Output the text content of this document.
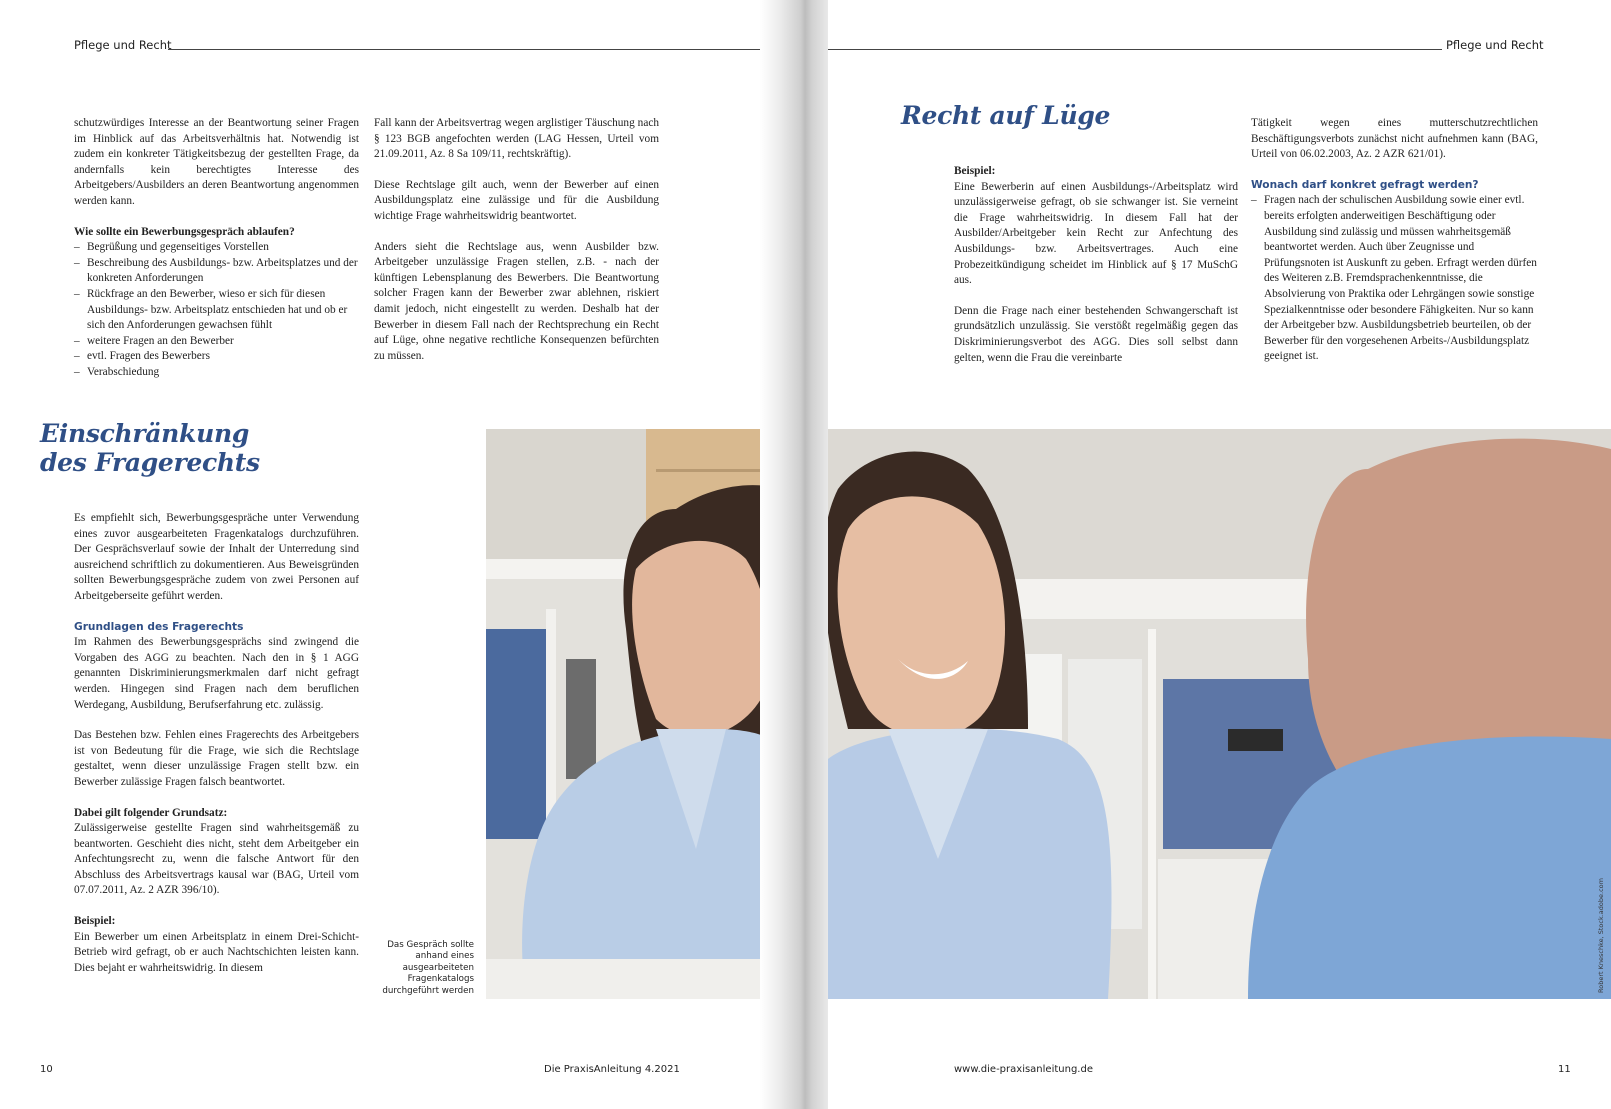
Pflege und Recht

schutzwürdiges Interesse an der Beantwortung seiner Fragen im Hinblick auf das Arbeitsverhältnis hat. Notwendig ist zudem ein konkreter Tätigkeitsbezug der gestellten Frage, da andernfalls kein berechtigtes Interesse des Arbeitgebers/Ausbilders an deren Beantwortung angenommen werden kann.

Wie sollte ein Bewerbungsgespräch ablaufen?
– Begrüßung und gegenseitiges Vorstellen
– Beschreibung des Ausbildungs- bzw. Arbeitsplatzes und der konkreten Anforderungen
– Rückfrage an den Bewerber, wieso er sich für diesen Ausbildungs- bzw. Arbeitsplatz entschieden hat und ob er sich den Anforderungen gewachsen fühlt
– weitere Fragen an den Bewerber
– evtl. Fragen des Bewerbers
– Verabschiedung

Fall kann der Arbeitsvertrag wegen arglistiger Täuschung nach § 123 BGB angefochten werden (LAG Hessen, Urteil vom 21.09.2011, Az. 8 Sa 109/11, rechtskräftig).

Diese Rechtslage gilt auch, wenn der Bewerber auf einen Ausbildungsplatz eine zulässige und für die Ausbildung wichtige Frage wahrheitswidrig beantwortet.

Anders sieht die Rechtslage aus, wenn Ausbilder bzw. Arbeitgeber unzulässige Fragen stellen, z.B. - nach der künftigen Lebensplanung des Bewerbers. Die Beantwortung solcher Fragen kann der Bewerber zwar ablehnen, riskiert damit jedoch, nicht eingestellt zu werden. Deshalb hat der Bewerber in diesem Fall nach der Rechtsprechung ein Recht auf Lüge, ohne negative rechtliche Konsequenzen befürchten zu müssen.

Einschränkung
des Fragerechts

Es empfiehlt sich, Bewerbungsgespräche unter Verwendung eines zuvor ausgearbeiteten Fragenkatalogs durchzuführen. Der Gesprächsverlauf sowie der Inhalt der Unterredung sind ausreichend schriftlich zu dokumentieren. Aus Beweisgründen sollten Bewerbungsgespräche zudem von zwei Personen auf Arbeitgeberseite geführt werden.

Grundlagen des Fragerechts

Im Rahmen des Bewerbungsgesprächs sind zwingend die Vorgaben des AGG zu beachten. Nach den in § 1 AGG genannten Diskriminierungsmerkmalen darf nicht gefragt werden. Hingegen sind Fragen nach dem beruflichen Werdegang, Ausbildung, Berufserfahrung etc. zulässig.

Das Bestehen bzw. Fehlen eines Fragerechts des Arbeitgebers ist von Bedeutung für die Frage, wie sich die Rechtslage gestaltet, wenn dieser unzulässige Fragen stellt bzw. ein Bewerber zulässige Fragen falsch beantwortet.

Dabei gilt folgender Grundsatz:

Zulässigerweise gestellte Fragen sind wahrheitsgemäß zu beantworten. Geschieht dies nicht, steht dem Arbeitgeber ein Anfechtungsrecht zu, wenn die falsche Antwort für den Abschluss des Arbeitsvertrags kausal war (BAG, Urteil vom 07.07.2011, Az. 2 AZR 396/10).

Beispiel:

Ein Bewerber um einen Arbeitsplatz in einem Drei-Schicht-Betrieb wird gefragt, ob er auch Nachtschichten leisten kann. Dies bejaht er wahrheitswidrig. In diesem

Das Gespräch sollte anhand eines ausgearbeiteten Fragenkatalogs durchgeführt werden
10	Die PraxisAnleitung 4.2021
Pflege und Recht
Recht auf Lüge
Beispiel:

Eine Bewerberin auf einen Ausbildungs-/Arbeitsplatz wird unzulässigerweise gefragt, ob sie schwanger ist. Sie verneint die Frage wahrheitswidrig. In diesem Fall hat der Ausbilder/Arbeitgeber kein Recht zur Anfechtung des Ausbildungs- bzw. Arbeitsvertrages. Auch eine Probezeitkündigung scheidet im Hinblick auf § 17 MuSchG aus.

Denn die Frage nach einer bestehenden Schwangerschaft ist grundsätzlich unzulässig. Sie verstößt regelmäßig gegen das Diskriminierungsverbot des AGG. Dies soll selbst dann gelten, wenn die Frau die vereinbarte

Tätigkeit wegen eines mutterschutzrechtlichen Beschäftigungsverbots zunächst nicht aufnehmen kann (BAG, Urteil von 06.02.2003, Az. 2 AZR 621/01).

Wonach darf konkret gefragt werden?
– Fragen nach der schulischen Ausbildung sowie einer evtl. bereits erfolgten anderweitigen Beschäftigung oder Ausbildung sind zulässig und müssen wahrheitsgemäß beantwortet werden. Auch über Zeugnisse und Prüfungsnoten ist Auskunft zu geben. Erfragt werden dürfen des Weiteren z.B. Fremdsprachenkenntnisse, die Absolvierung von Praktika oder Lehrgängen sowie sonstige Spezialkenntnisse oder besondere Fähigkeiten. Nur so kann der Arbeitgeber bzw. Ausbildungsbetrieb beurteilen, ob der Bewerber für den vorgesehenen Arbeits-/Ausbildungsplatz geeignet ist.
Robert Kneschke, Stock.adobe.com
www.die-praxisanleitung.de	11
